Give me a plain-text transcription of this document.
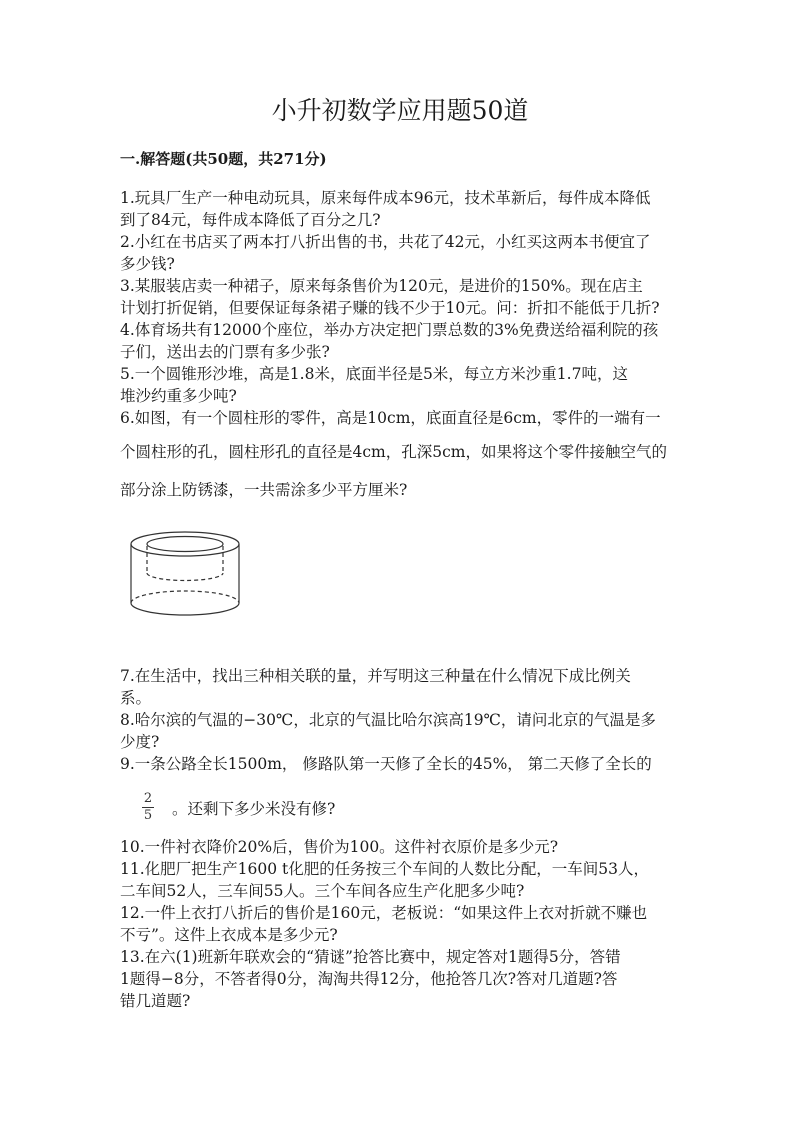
小升初数学应用题50道
一.解答题(共50题，共271分)
1.玩具厂生产一种电动玩具，原来每件成本96元，技术革新后，每件成本降低
到了84元，每件成本降低了百分之几?
2.小红在书店买了两本打八折出售的书，共花了42元，小红买这两本书便宜了
多少钱?
3.某服装店卖一种裙子，原来每条售价为120元，是进价的150%。现在店主
计划打折促销，但要保证每条裙子赚的钱不少于10元。问：折扣不能低于几折?
4.体育场共有12000个座位，举办方决定把门票总数的3%免费送给福利院的孩
子们，送出去的门票有多少张?
5.一个圆锥形沙堆，高是1.8米，底面半径是5米，每立方米沙重1.7吨，这
堆沙约重多少吨?
6.如图，有一个圆柱形的零件，高是10cm，底面直径是6cm，零件的一端有一
个圆柱形的孔，圆柱形孔的直径是4cm，孔深5cm，如果将这个零件接触空气的
部分涂上防锈漆，一共需涂多少平方厘米?
7.在生活中，找出三种相关联的量，并写明这三种量在什么情况下成比例关
系。
8.哈尔滨的气温的−30℃，北京的气温比哈尔滨高19℃，请问北京的气温是多
少度?
9.一条公路全长1500m， 修路队第一天修了全长的45%， 第二天修了全长的
2
5 。还剩下多少米没有修?
10.一件衬衣降价20%后，售价为100。这件衬衣原价是多少元?
11.化肥厂把生产1600 t化肥的任务按三个车间的人数比分配，一车间53人，
二车间52人，三车间55人。三个车间各应生产化肥多少吨?
12.一件上衣打八折后的售价是160元，老板说：“如果这件上衣对折就不赚也
不亏”。这件上衣成本是多少元?
13.在六(1)班新年联欢会的“猜谜”抢答比赛中，规定答对1题得5分，答错
1题得−8分，不答者得0分，淘淘共得12分，他抢答几次?答对几道题?答
错几道题?
